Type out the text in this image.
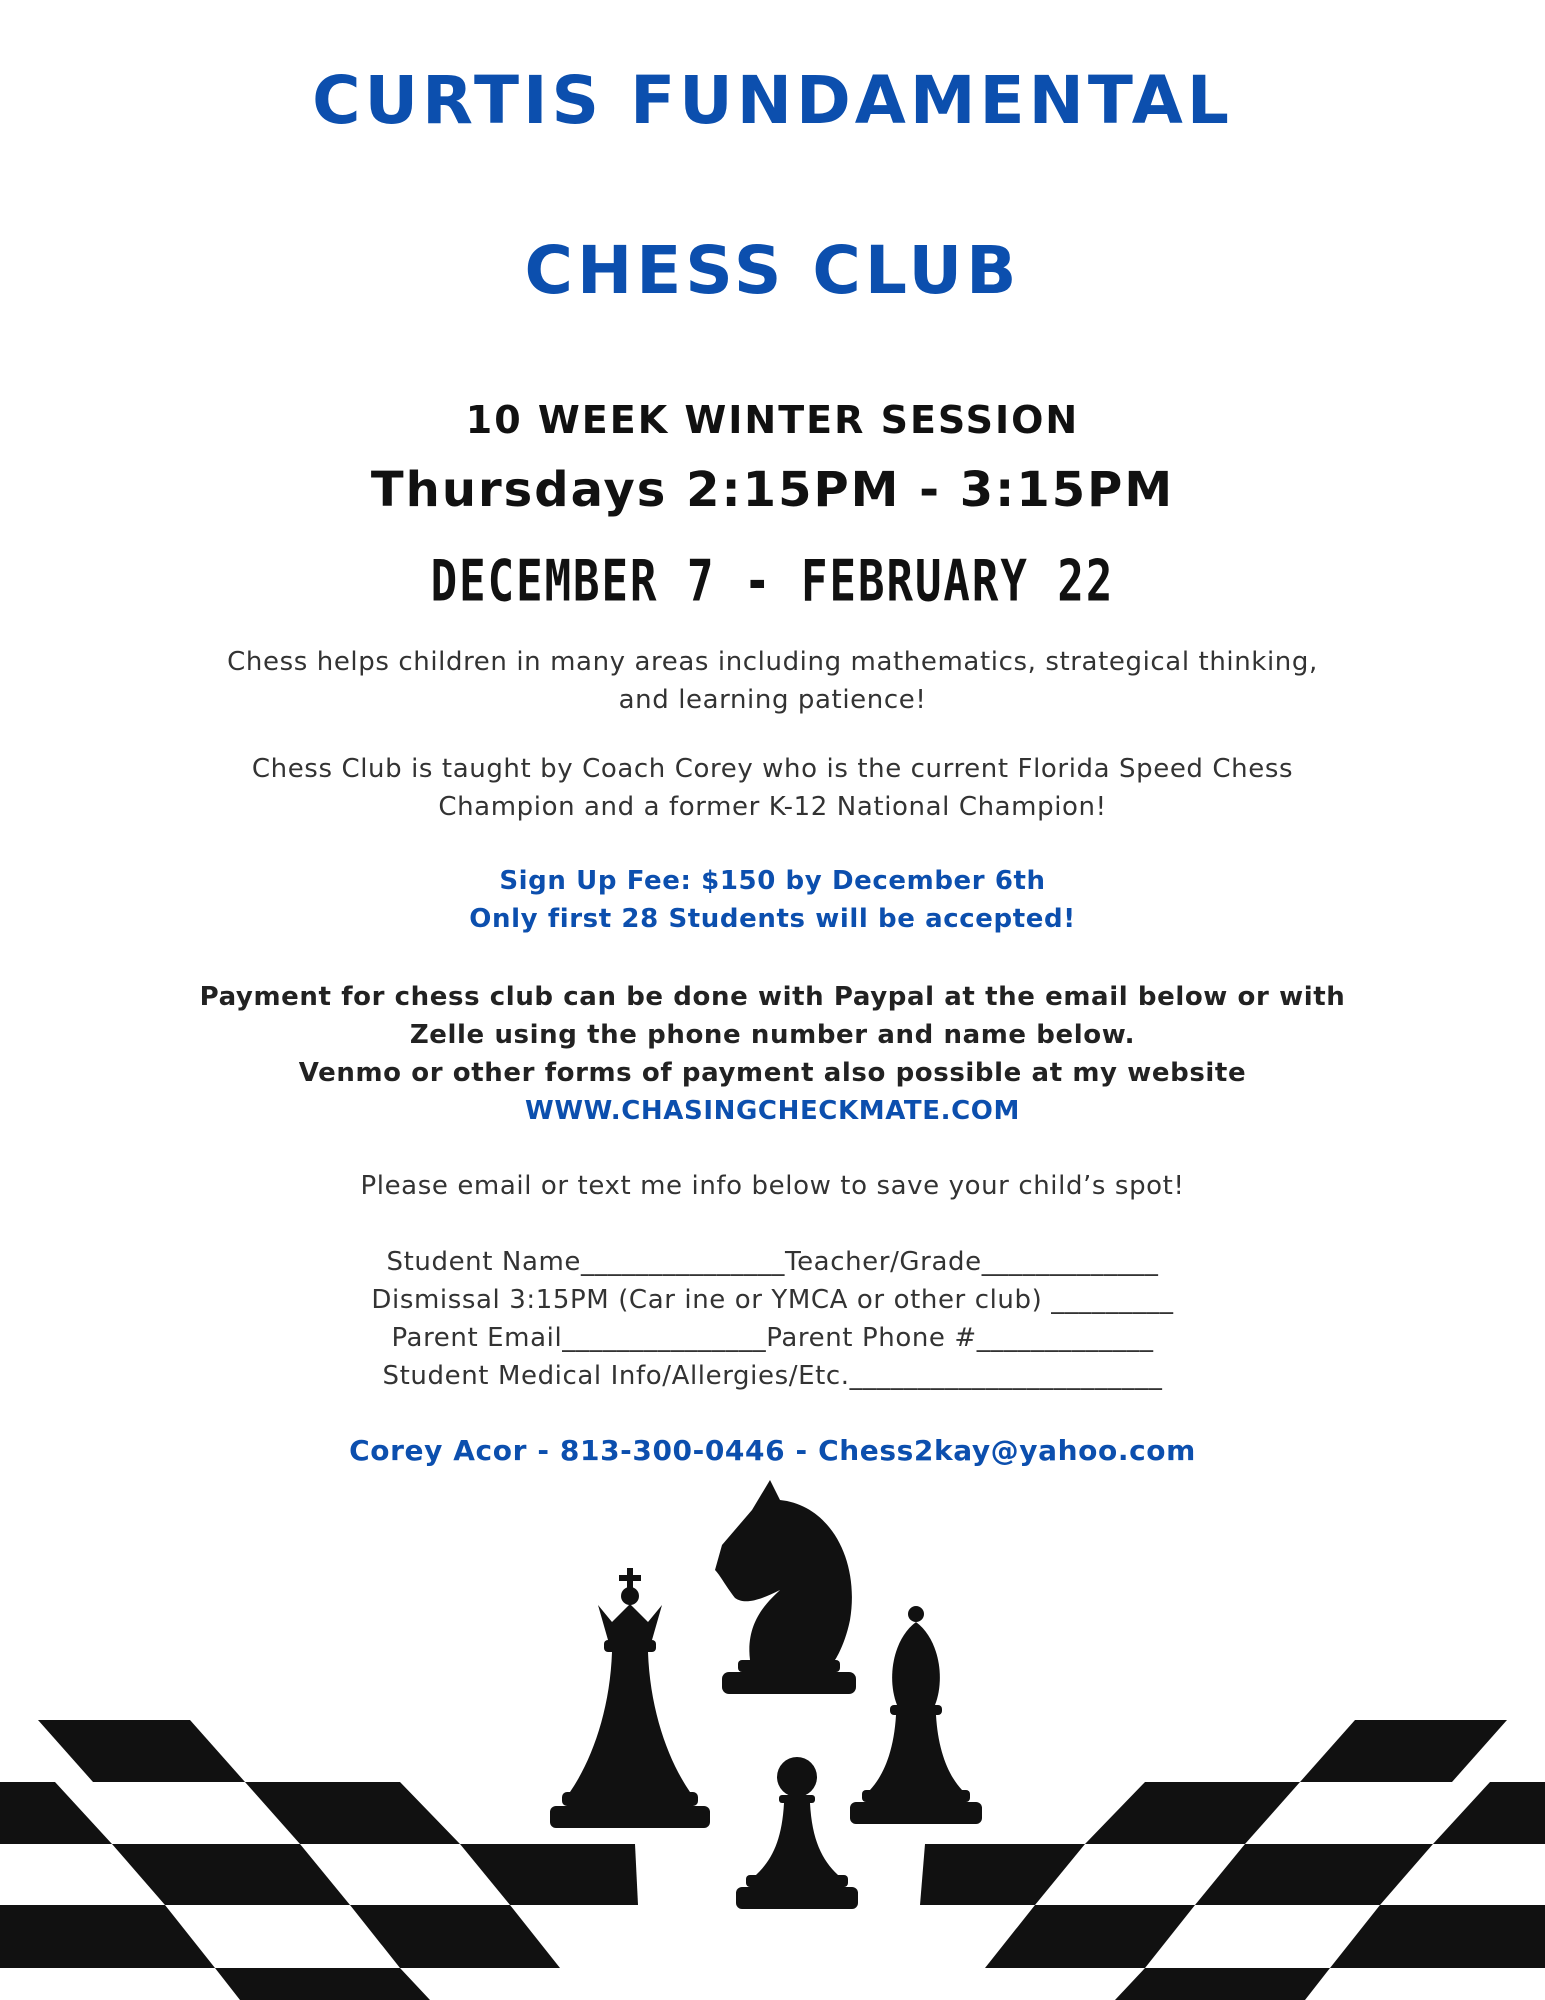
CURTIS FUNDAMENTAL
CHESS CLUB
10 WEEK WINTER SESSION
Thursdays 2:15PM - 3:15PM
DECEMBER 7 - FEBRUARY 22
Chess helps children in many areas including mathematics, strategical thinking,
and learning patience!
Chess Club is taught by Coach Corey who is the current Florida Speed Chess
Champion and a former K-12 National Champion!
Sign Up Fee: $150 by December 6th
Only first 28 Students will be accepted!
Payment for chess club can be done with Paypal at the email below or with
Zelle using the phone number and name below.
Venmo or other forms of payment also possible at my website
WWW.CHASINGCHECKMATE.COM
Please email or text me info below to save your child’s spot!
Student Name_______________Teacher/Grade_____________
Dismissal 3:15PM (Car ine or YMCA or other club) _________
Parent Email_______________Parent Phone #_____________
Student Medical Info/Allergies/Etc._______________________
Corey Acor - 813-300-0446 - Chess2kay@yahoo.com
